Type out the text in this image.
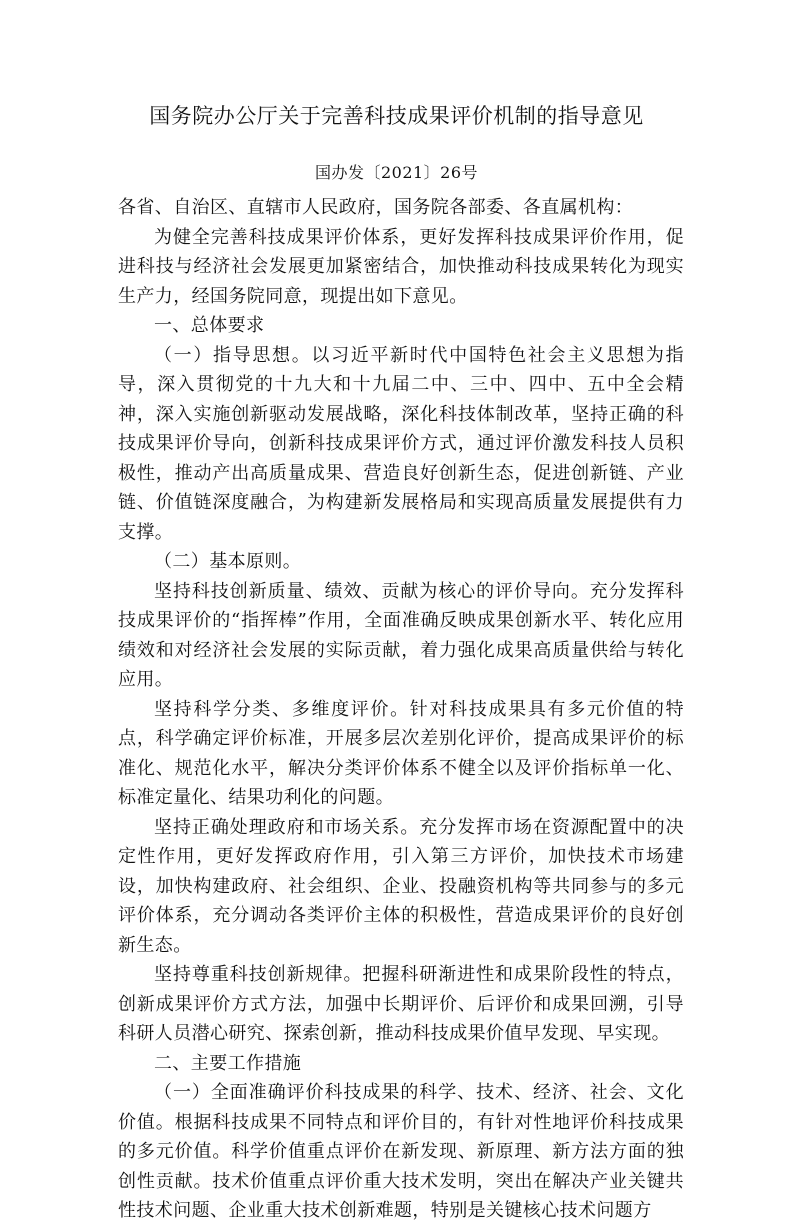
国务院办公厅关于完善科技成果评价机制的指导意见
国办发〔2021〕26号

各省、自治区、直辖市人民政府，国务院各部委、各直属机构：

为健全完善科技成果评价体系，更好发挥科技成果评价作用，促进科技与经济社会发展更加紧密结合，加快推动科技成果转化为现实生产力，经国务院同意，现提出如下意见。

一、总体要求

（一）指导思想。以习近平新时代中国特色社会主义思想为指导，深入贯彻党的十九大和十九届二中、三中、四中、五中全会精神，深入实施创新驱动发展战略，深化科技体制改革，坚持正确的科技成果评价导向，创新科技成果评价方式，通过评价激发科技人员积极性，推动产出高质量成果、营造良好创新生态，促进创新链、产业链、价值链深度融合，为构建新发展格局和实现高质量发展提供有力支撑。

（二）基本原则。

坚持科技创新质量、绩效、贡献为核心的评价导向。充分发挥科技成果评价的“指挥棒”作用，全面准确反映成果创新水平、转化应用绩效和对经济社会发展的实际贡献，着力强化成果高质量供给与转化应用。

坚持科学分类、多维度评价。针对科技成果具有多元价值的特点，科学确定评价标准，开展多层次差别化评价，提高成果评价的标准化、规范化水平，解决分类评价体系不健全以及评价指标单一化、标准定量化、结果功利化的问题。

坚持正确处理政府和市场关系。充分发挥市场在资源配置中的决定性作用，更好发挥政府作用，引入第三方评价，加快技术市场建设，加快构建政府、社会组织、企业、投融资机构等共同参与的多元评价体系，充分调动各类评价主体的积极性，营造成果评价的良好创新生态。

坚持尊重科技创新规律。把握科研渐进性和成果阶段性的特点，创新成果评价方式方法，加强中长期评价、后评价和成果回溯，引导科研人员潜心研究、探索创新，推动科技成果价值早发现、早实现。

二、主要工作措施

（一）全面准确评价科技成果的科学、技术、经济、社会、文化价值。根据科技成果不同特点和评价目的，有针对性地评价科技成果的多元价值。科学价值重点评价在新发现、新原理、新方法方面的独创性贡献。技术价值重点评价重大技术发明，突出在解决产业关键共性技术问题、企业重大技术创新难题，特别是关键核心技术问题方
